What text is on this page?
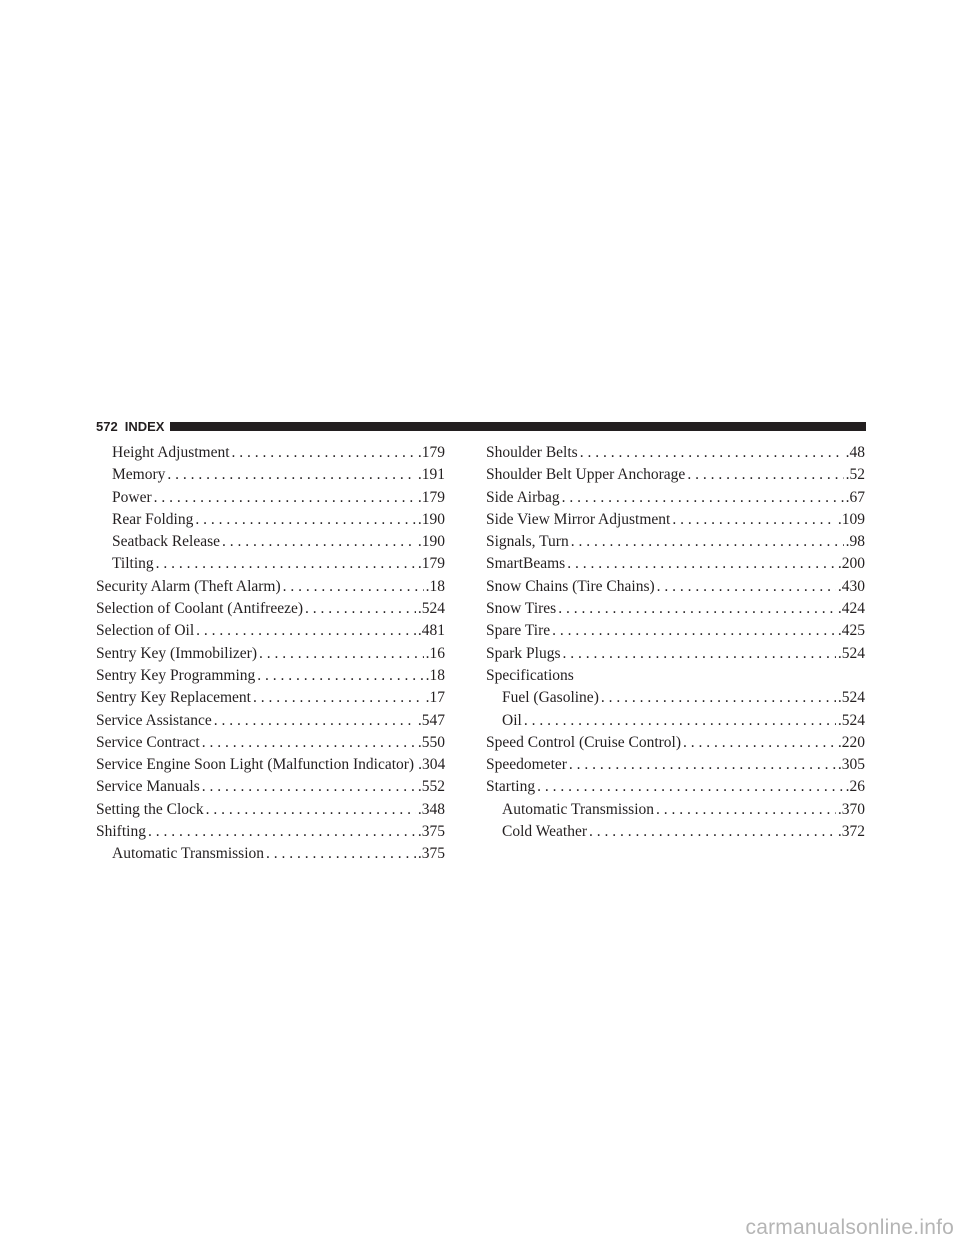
572 INDEX
Height Adjustment . . .	.179
Memory . . .	.191
Power . . .	.179
Rear Folding . . .	.190
Seatback Release . . .	.190
Tilting . . .	.179
Security Alarm (Theft Alarm) . . .	.18
Selection of Coolant (Antifreeze) . . .	.524
Selection of Oil . . .	.481
Sentry Key (Immobilizer) . . .	.16
Sentry Key Programming . . .	.18
Sentry Key Replacement . . .	.17
Service Assistance . . .	.547
Service Contract . . .	.550
Service Engine Soon Light (Malfunction Indicator) .304
Service Manuals . . .	.552
Setting the Clock . . .	.348
Shifting . . .	.375
Automatic Transmission . . .	.375
Shoulder Belts . . .	.48
Shoulder Belt Upper Anchorage . . .	.52
Side Airbag . . .	.67
Side View Mirror Adjustment . . .	.109
Signals, Turn . . .	.98
SmartBeams . . .	.200
Snow Chains (Tire Chains) . . .	.430
Snow Tires . . .	.424
Spare Tire . . .	.425
Spark Plugs . . .	.524
Specifications
Fuel (Gasoline) . . .	.524
Oil . . .	.524
Speed Control (Cruise Control) . . .	.220
Speedometer . . .	.305
Starting . . .	.26
Automatic Transmission . . .	.370
Cold Weather . . .	.372
carmanualsonline.info
